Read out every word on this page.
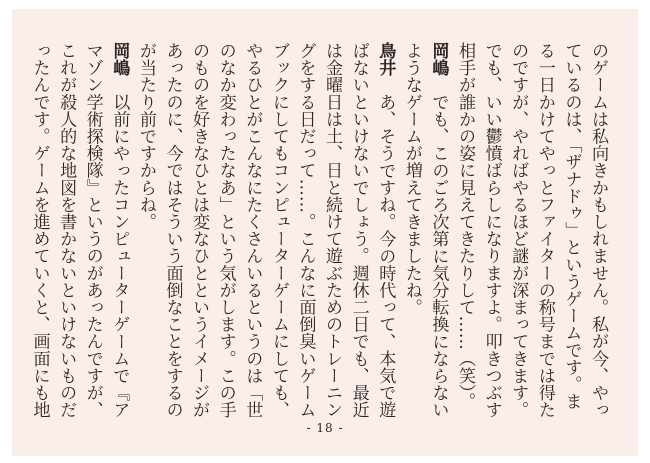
のゲームは私向きかもしれません。私が今、やっ
ているのは、「ザナドゥ」というゲームです。ま
る一日かけてやっとファイターの称号までは得た
のですが、やればやるほど謎が深まってきます。
でも、いい鬱憤ばらしになりますよ。叩きつぶす
相手が誰かの姿に見えてきたりして……（笑）。
岡嶋　でも、このごろ次第に気分転換にならない
ようなゲームが増えてきましたね。
鳥井　あ、そうですね。今の時代って、本気で遊
ばないといけないでしょう。週休二日でも、最近
は金曜日は土、日と続けて遊ぶためのトレーニン
グをする日だって……。こんなに面倒臭いゲーム
ブックにしてもコンピューターゲームにしても、
やるひとがこんなにたくさんいるというのは「世
のなか変わったなあ」という気がします。この手
のものを好きなひとは変なひとというイメージが
あったのに、今ではそういう面倒なことをするの
が当たり前ですからね。
岡嶋　以前にやったコンピューターゲームで『ア
マゾン学術探検隊』というのがあったんですが、
これが殺人的な地図を書かないといけないものだ
ったんです。ゲームを進めていくと、画面にも地
- 18 -
